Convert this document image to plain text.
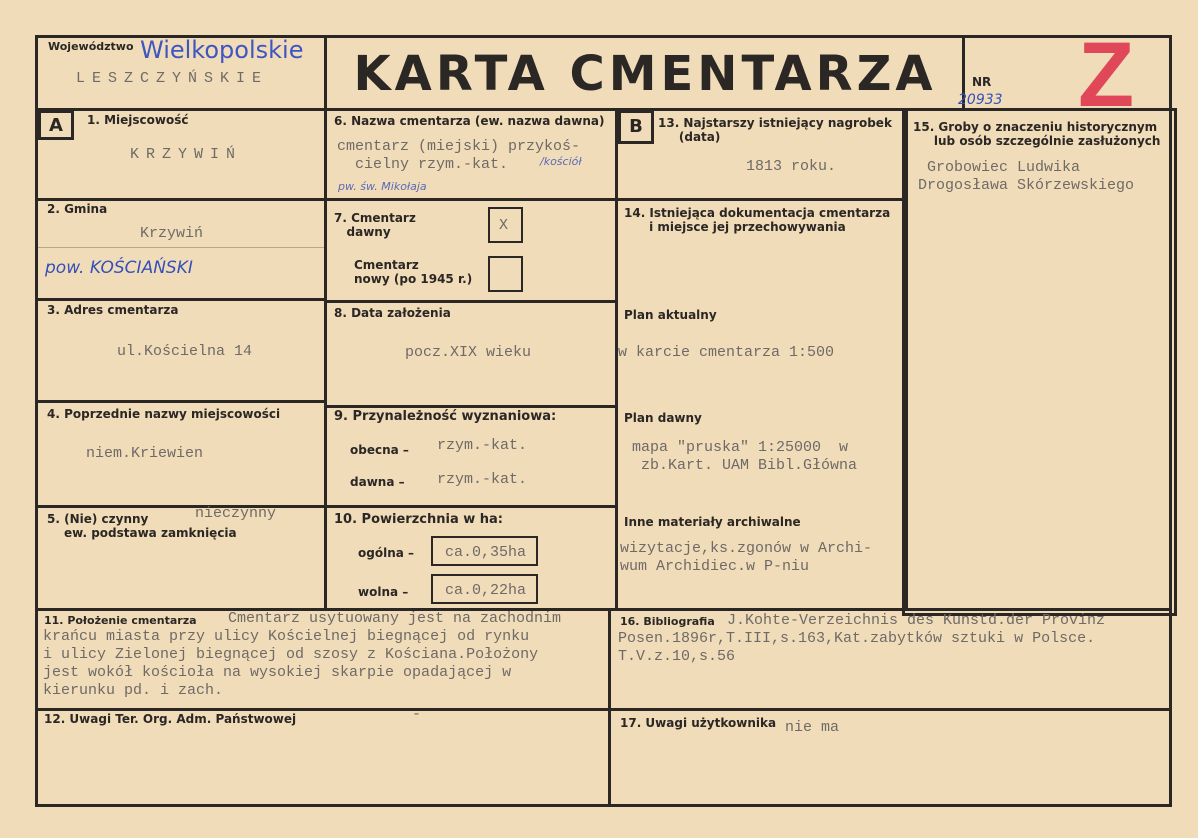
Województwo Wielkopolskie
LESZCZYŃSKIE	KARTA CMENTARZA	NR
20933 Z
A	1. Miejscowość
KRZYWIŃ
2. Gmina
Krzywiń
pow. KOŚCIAŃSKI
3. Adres cmentarza
ul.Kościelna 14
4. Poprzednie nazwy miejscowości
niem.Kriewien
5. (Nie) czynny
ew. podstawa zamknięcia
nieczynny
6. Nazwa cmentarza (ew. nazwa dawna)
cmentarz (miejski) przykoś-
cielny rzym.-kat.	/kościół
pw. św. Mikołaja
7. Cmentarz
dawny	X
Cmentarz
nowy (po 1945 r.)
8. Data założenia
pocz.XIX wieku
9. Przynależność wyznaniowa:
obecna – rzym.-kat.
dawna – rzym.-kat.
10. Powierzchnia w ha:
ogólna – ca.0,35ha
wolna – ca.0,22ha
B	13. Najstarszy istniejący nagrobek
(data)
1813 roku.
14. Istniejąca dokumentacja cmentarza
i miejsce jej przechowywania
Plan aktualny
w karcie cmentarza 1:500
Plan dawny
mapa "pruska" 1:25000  w
zb.Kart. UAM Bibl.Główna
Inne materiały archiwalne
wizytacje,ks.zgonów w Archi-
wum Archidiec.w P-niu
15. Groby o znaczeniu historycznym
lub osób szczególnie zasłużonych
Grobowiec Ludwika
Drogosława Skórzewskiego
11. Położenie cmentarza Cmentarz usytuowany jest na zachodnim
krańcu miasta przy ulicy Kościelnej biegnącej od rynku
i ulicy Zielonej biegnącej od szosy z Kościana.Położony
jest wokół kościoła na wysokiej skarpie opadającej w
kierunku pd. i zach.
16. Bibliografia J.Kohte-Verzeichnis des Kunstd.der Provinz
Posen.1896r,T.III,s.163,Kat.zabytków sztuki w Polsce.
T.V.z.10,s.56
12. Uwagi Ter. Org. Adm. Państwowej	-	17. Uwagi użytkownika nie ma
